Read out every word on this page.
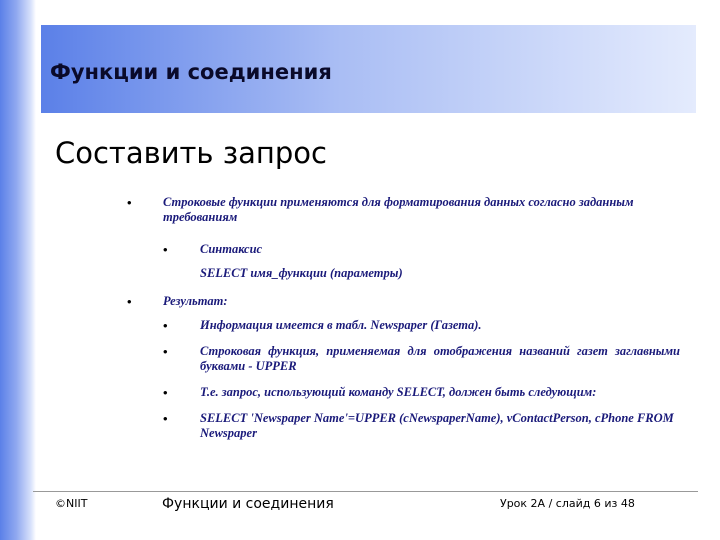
Функции и соединения
Составить запрос
•	Строковые функции применяются для форматирования данных согласно заданным требованиям
•	Синтаксис
SELECT имя_функции (параметры)
•	Результат:
•	Информация имеется в табл. Newspaper (Газета).
•	Строковая функция, применяемая для отображения названий газет заглавными буквами - UPPER
•	Т.е. запрос, использующий команду SELECT, должен быть следующим:
•	SELECT 'Newspaper Name'=UPPER (cNewspaperName), vContactPerson, cPhone FROM Newspaper
©NIIT	Функции и соединения	Урок 2A / слайд 6 из 48
